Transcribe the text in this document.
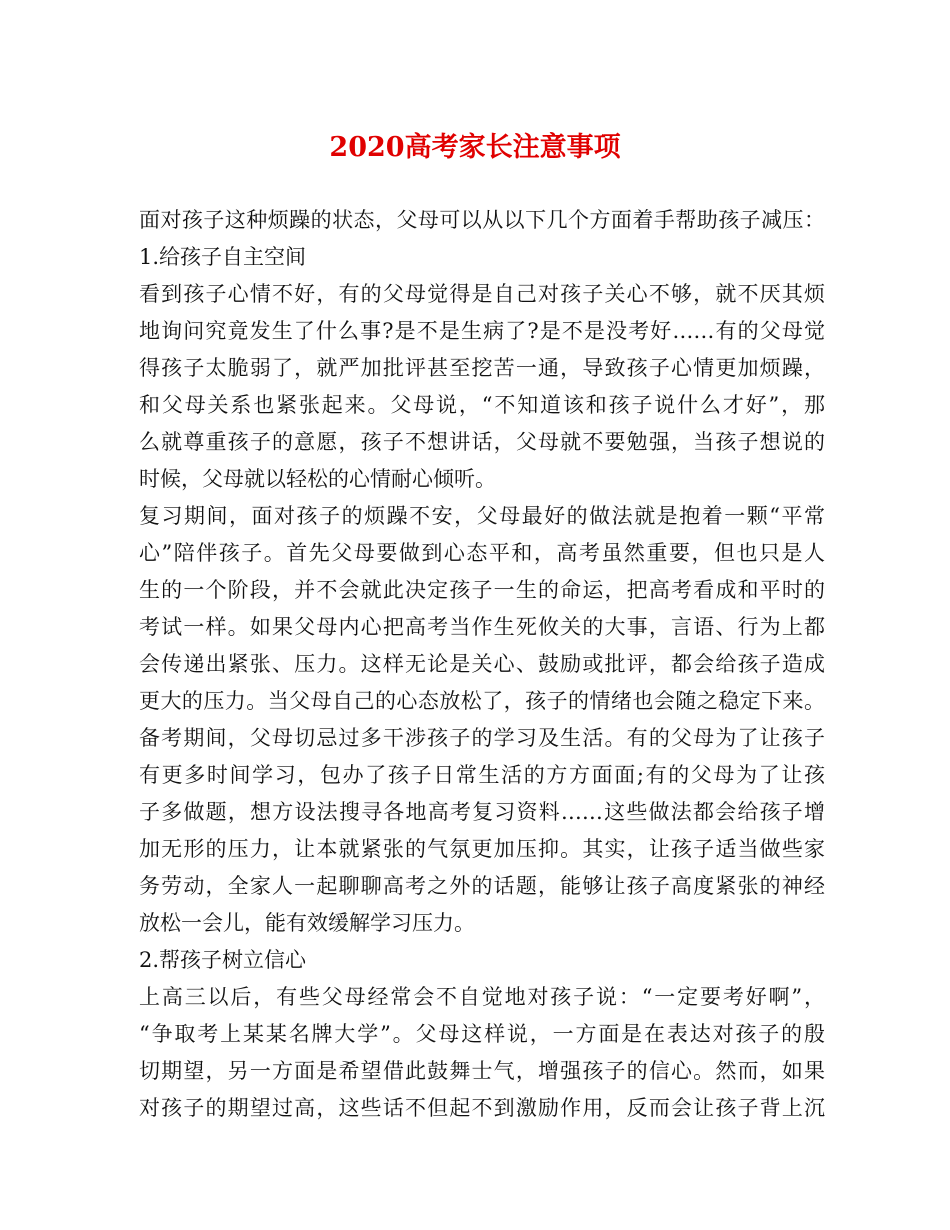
2020高考家长注意事项
面对孩子这种烦躁的状态，父母可以从以下几个方面着手帮助孩子减压：
1.给孩子自主空间
看到孩子心情不好，有的父母觉得是自己对孩子关心不够，就不厌其烦
地询问究竟发生了什么事?是不是生病了?是不是没考好……有的父母觉
得孩子太脆弱了，就严加批评甚至挖苦一通，导致孩子心情更加烦躁，
和父母关系也紧张起来。父母说，“不知道该和孩子说什么才好”，那
么就尊重孩子的意愿，孩子不想讲话，父母就不要勉强，当孩子想说的
时候，父母就以轻松的心情耐心倾听。
复习期间，面对孩子的烦躁不安，父母最好的做法就是抱着一颗“平常
心”陪伴孩子。首先父母要做到心态平和，高考虽然重要，但也只是人
生的一个阶段，并不会就此决定孩子一生的命运，把高考看成和平时的
考试一样。如果父母内心把高考当作生死攸关的大事，言语、行为上都
会传递出紧张、压力。这样无论是关心、鼓励或批评，都会给孩子造成
更大的压力。当父母自己的心态放松了，孩子的情绪也会随之稳定下来。
备考期间，父母切忌过多干涉孩子的学习及生活。有的父母为了让孩子
有更多时间学习，包办了孩子日常生活的方方面面;有的父母为了让孩
子多做题，想方设法搜寻各地高考复习资料……这些做法都会给孩子增
加无形的压力，让本就紧张的气氛更加压抑。其实，让孩子适当做些家
务劳动，全家人一起聊聊高考之外的话题，能够让孩子高度紧张的神经
放松一会儿，能有效缓解学习压力。
2.帮孩子树立信心
上高三以后，有些父母经常会不自觉地对孩子说：“一定要考好啊”，
“争取考上某某名牌大学”。父母这样说，一方面是在表达对孩子的殷
切期望，另一方面是希望借此鼓舞士气，增强孩子的信心。然而，如果
对孩子的期望过高，这些话不但起不到激励作用，反而会让孩子背上沉
